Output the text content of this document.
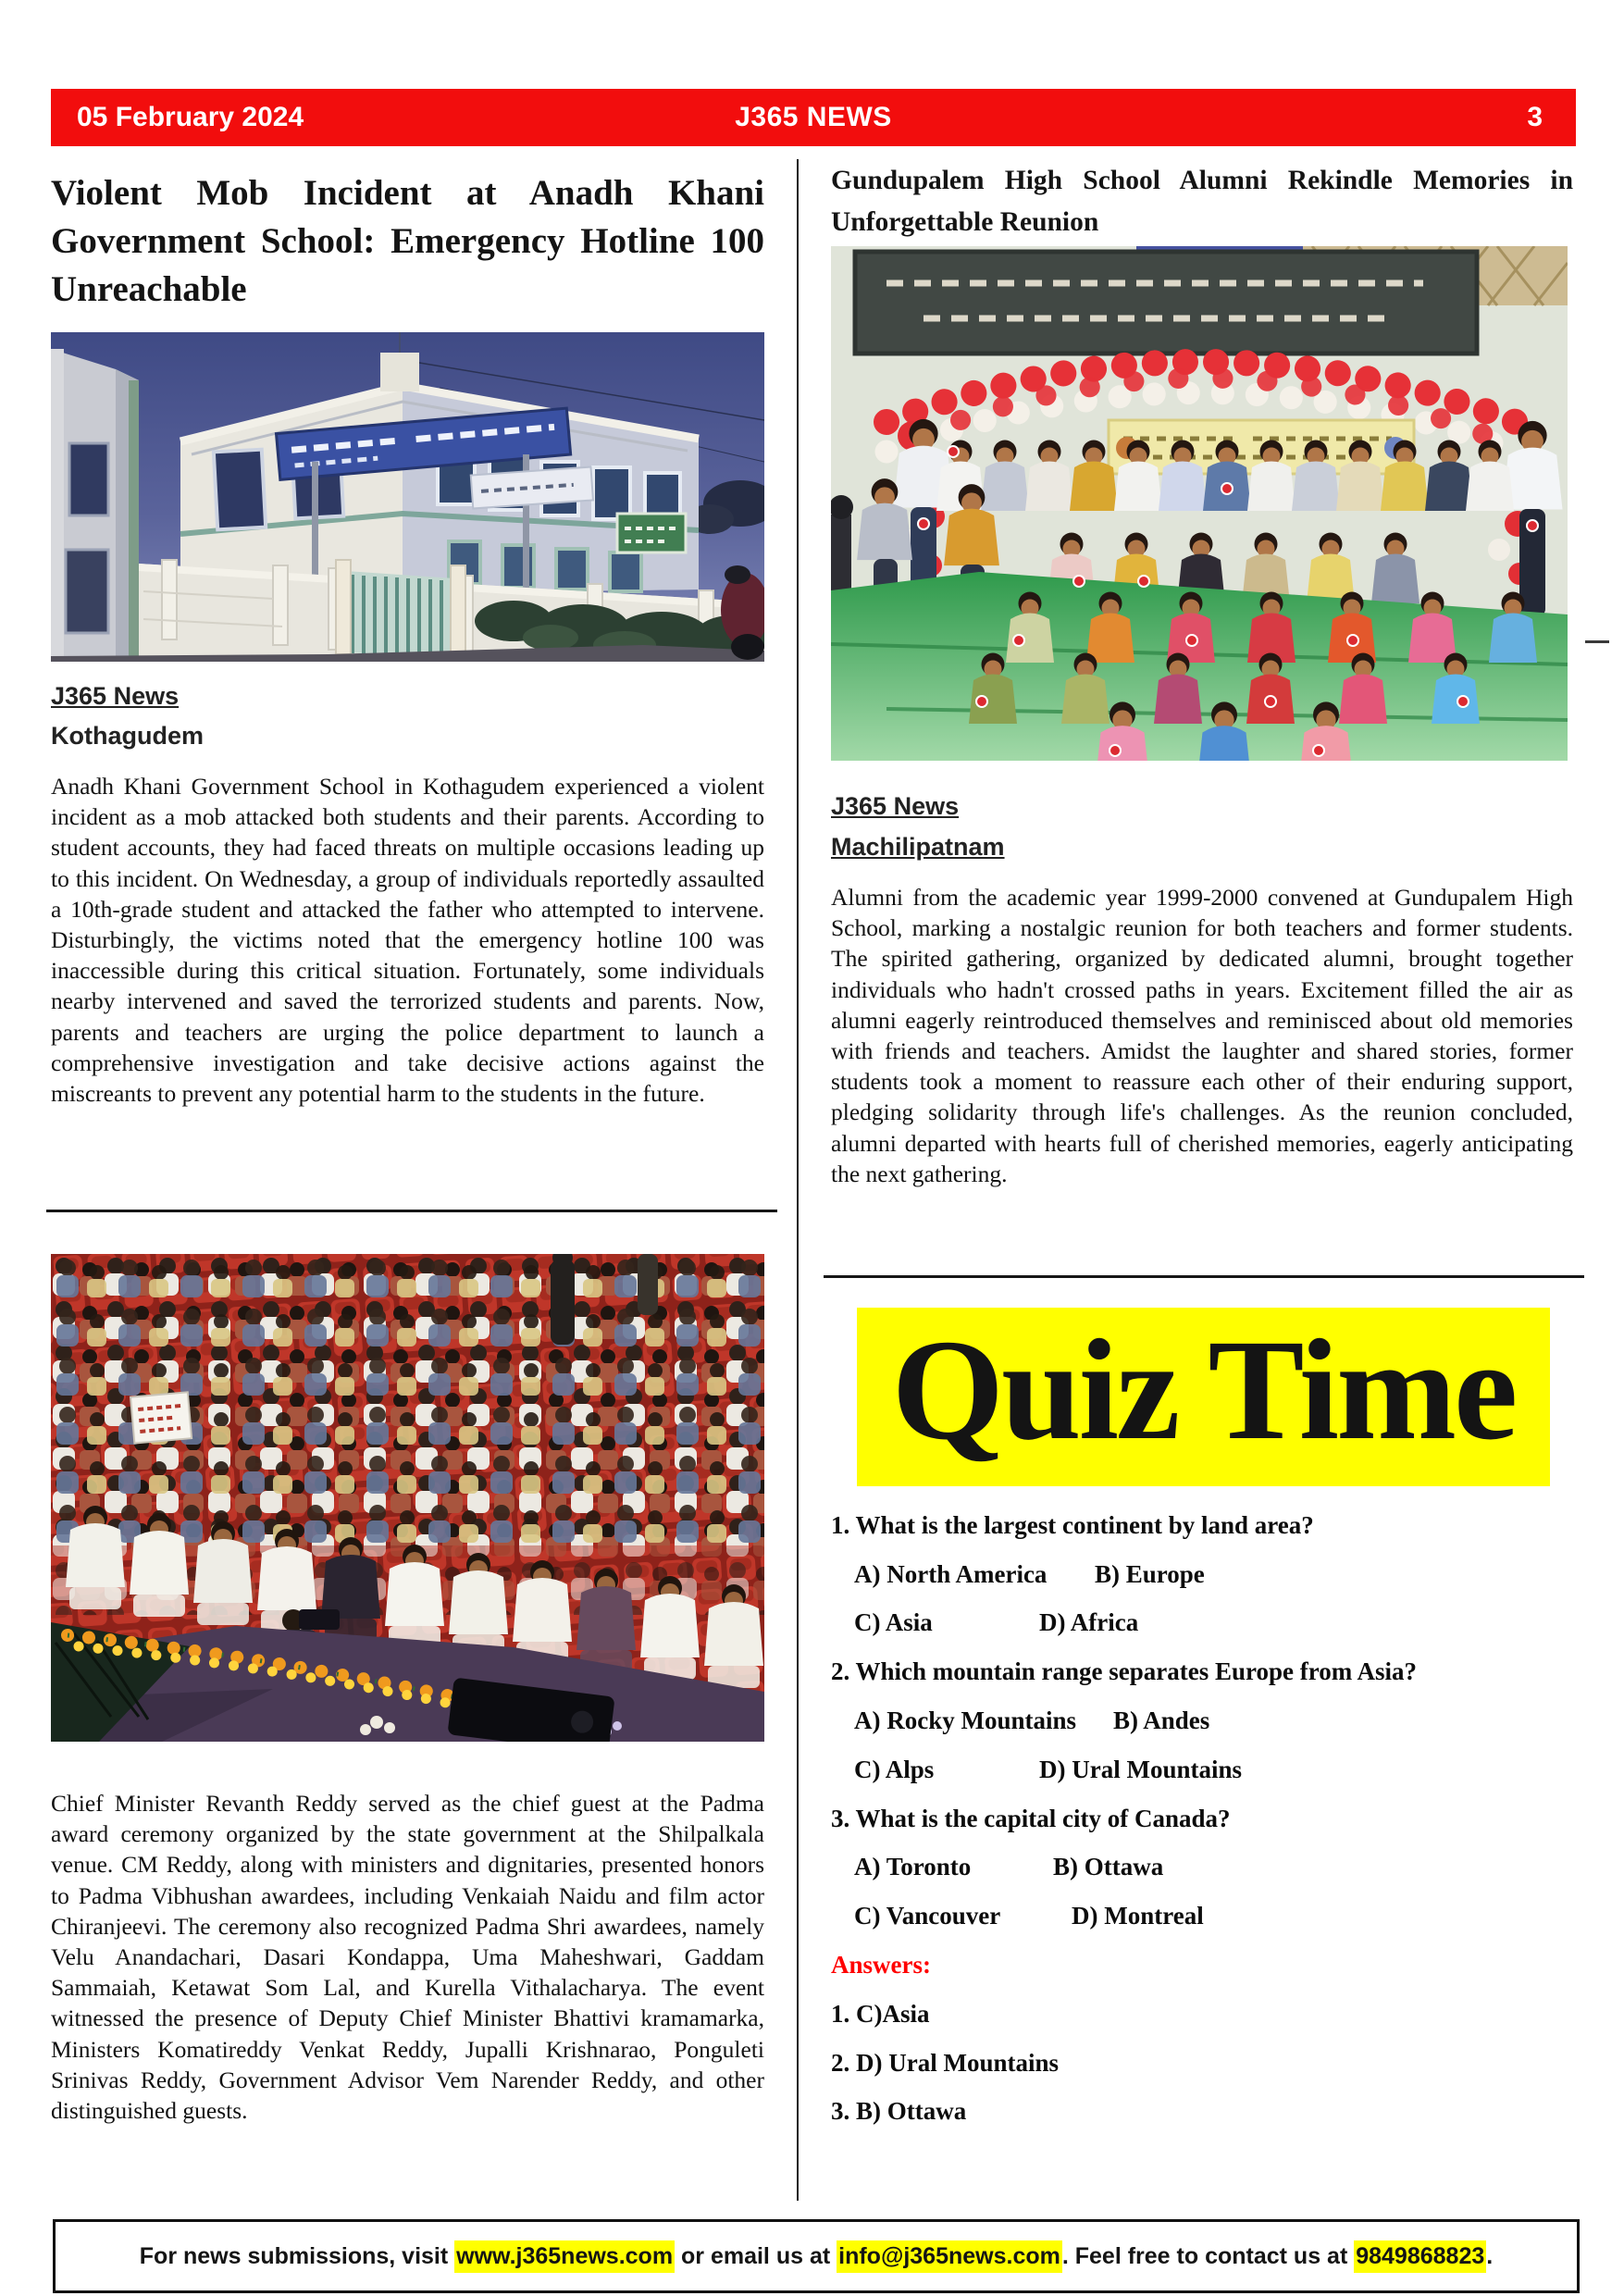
05 February 2024	J365 NEWS	3
Violent Mob Incident at Anadh Khani Government School: Emergency Hotline 100 Unreachable
J365 News
Kothagudem
Anadh Khani Government School in Kothagudem experienced a violent incident as a mob attacked both students and their parents. According to student accounts, they had faced threats on multiple occasions leading up to this incident. On Wednesday, a group of individuals reportedly assaulted a 10th-grade student and attacked the father who attempted to intervene. Disturbingly, the victims noted that the emergency hotline 100 was inaccessible during this critical situation. Fortunately, some individuals nearby intervened and saved the terrorized students and parents. Now, parents and teachers are urging the police department to launch a comprehensive investigation and take decisive actions against the miscreants to prevent any potential harm to the students in the future.
Chief Minister Revanth Reddy served as the chief guest at the Padma award ceremony organized by the state government at the Shilpalkala venue. CM Reddy, along with ministers and dignitaries, presented honors to Padma Vibhushan awardees, including Venkaiah Naidu and film actor Chiranjeevi. The ceremony also recognized Padma Shri awardees, namely Velu Anandachari, Dasari Kondappa, Uma Maheshwari, Gaddam Sammaiah, Ketawat Som Lal, and Kurella Vithalacharya. The event witnessed the presence of Deputy Chief Minister Bhattivi kramamarka, Ministers Komatireddy Venkat Reddy, Jupalli Krishnarao, Ponguleti Srinivas Reddy, Government Advisor Vem Narender Reddy, and other distinguished guests.
Gundupalem High School Alumni Rekindle Memories in Unforgettable Reunion
J365 News
Machilipatnam
Alumni from the academic year 1999-2000 convened at Gundupalem High School, marking a nostalgic reunion for both teachers and former students. The spirited gathering, organized by dedicated alumni, brought together individuals who hadn't crossed paths in years. Excitement filled the air as alumni eagerly reintroduced themselves and reminisced about old memories with friends and teachers. Amidst the laughter and shared stories, former students took a moment to reassure each other of their enduring support, pledging solidarity through life's challenges. As the reunion concluded, alumni departed with hearts full of cherished memories, eagerly anticipating the next gathering.
Quiz Time
1. What is the largest continent by land area?
A) North America	B) Europe
C) Asia	D) Africa
2. Which mountain range separates Europe from Asia?
A) Rocky Mountains	B) Andes
C) Alps	D) Ural Mountains
3. What is the capital city of Canada?
A) Toronto	B) Ottawa
C) Vancouver	D) Montreal
Answers:
1. C)Asia
2. D) Ural Mountains
3. B) Ottawa
For news submissions, visit www.j365news.com or email us at info@j365news.com . Feel free to contact us at 9849868823 .
